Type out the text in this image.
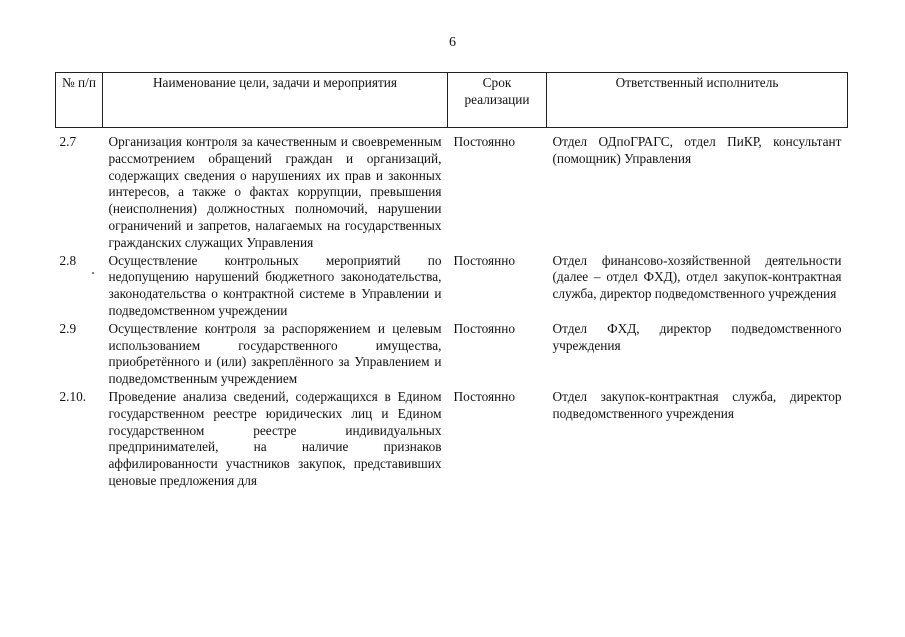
6
№ п/п	Наименование цели, задачи и мероприятия	Срок реализации	Ответственный исполнитель
2.7	Организация контроля за качественным и своевременным рассмотрением обращений граждан и организаций, содержащих сведения о нарушениях их прав и законных интересов, а также о фактах коррупции, превышения (неисполнения) должностных полномочий, нарушении ограничений и запретов, налагаемых на государственных гражданских служащих Управления	Постоянно	Отдел ОДпоГРАГС, отдел ПиКР, консультант (помощник) Управления
2.8	Осуществление контрольных мероприятий по недопущению нарушений бюджетного законодательства, законодательства о контрактной системе в Управлении и подведомственном учреждении	Постоянно	Отдел финансово-хозяйственной деятельности (далее – отдел ФХД), отдел закупок-контрактная служба, директор подведомственного учреждения
2.9	Осуществление контроля за распоряжением и целевым использованием государственного имущества, приобретённого и (или) закреплённого за Управлением и подведомственным учреждением	Постоянно	Отдел ФХД, директор подведомственного учреждения
2.10.	Проведение анализа сведений, содержащихся в Едином государственном реестре юридических лиц и Едином государственном реестре индивидуальных предпринимателей, на наличие признаков аффилированности участников закупок, представивших ценовые предложения для	Постоянно	Отдел закупок-контрактная служба, директор подведомственного учреждения
